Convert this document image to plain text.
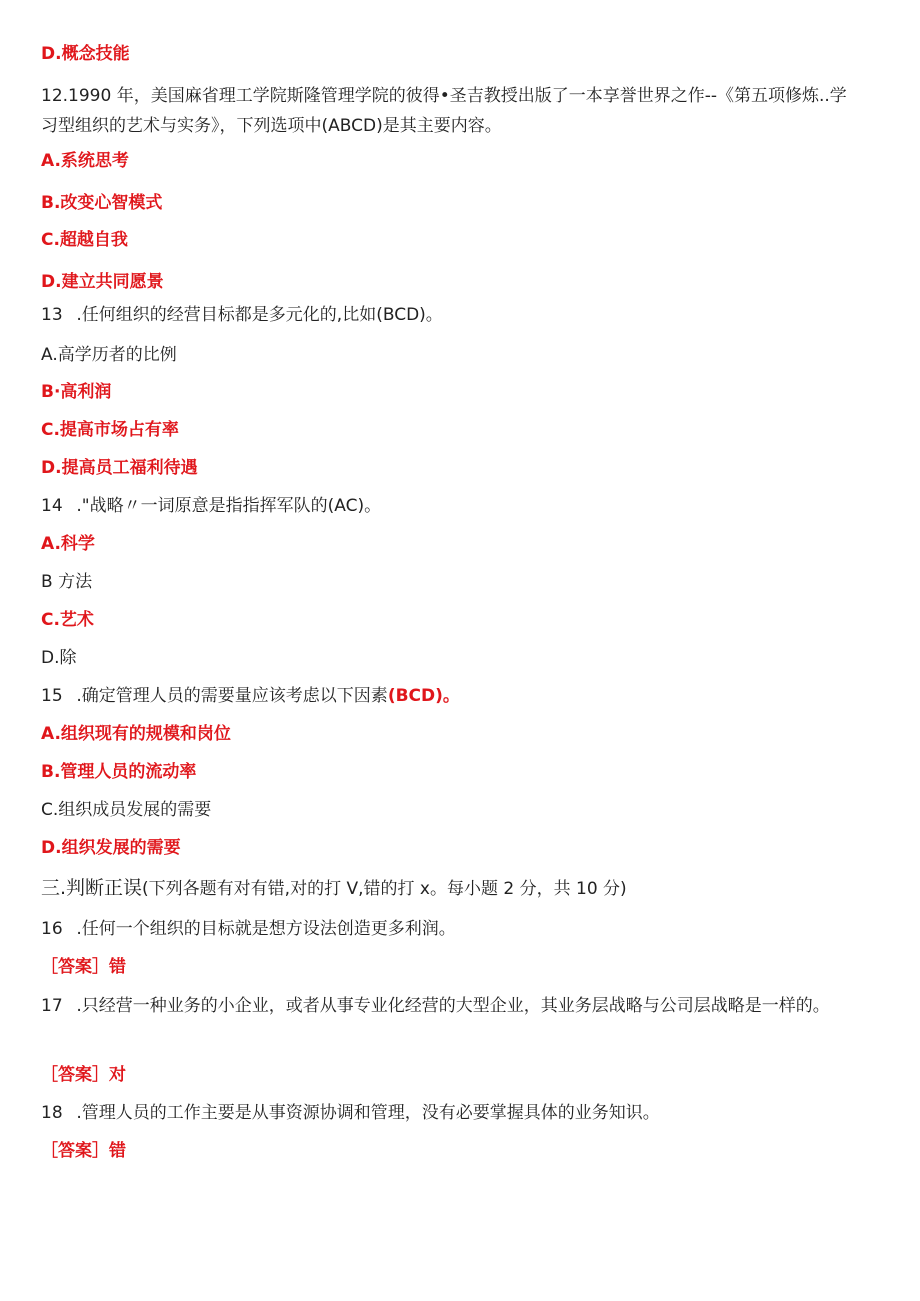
D.概念技能
12.1990 年，美国麻省理工学院斯隆管理学院的彼得•圣吉教授出版了一本享誉世界之作--《第五项修炼..学习型组织的艺术与实务》，下列选项中(ABCD)是其主要内容。
A.系统思考
B.改变心智模式
C.超越自我
D.建立共同愿景
13 .任何组织的经营目标都是多元化的,比如(BCD)。
A.高学历者的比例
B·高利润
C.提高市场占有率
D.提高员工福利待遇
14 ."战略〃一词原意是指指挥军队的(AC)。
A.科学
B 方法
C.艺术
D.除
15 .确定管理人员的需要量应该考虑以下因素(BCD)。
A.组织现有的规模和岗位
B.管理人员的流动率
C.组织成员发展的需要
D.组织发展的需要
三.判断正误(下列各题有对有错,对的打 V,错的打 x。每小题 2 分，共 10 分)
16 .任何一个组织的目标就是想方设法创造更多利润。
［答案］错
17 .只经营一种业务的小企业，或者从事专业化经营的大型企业，其业务层战略与公司层战略是一样的。
［答案］对
18 .管理人员的工作主要是从事资源协调和管理，没有必要掌握具体的业务知识。
［答案］错
